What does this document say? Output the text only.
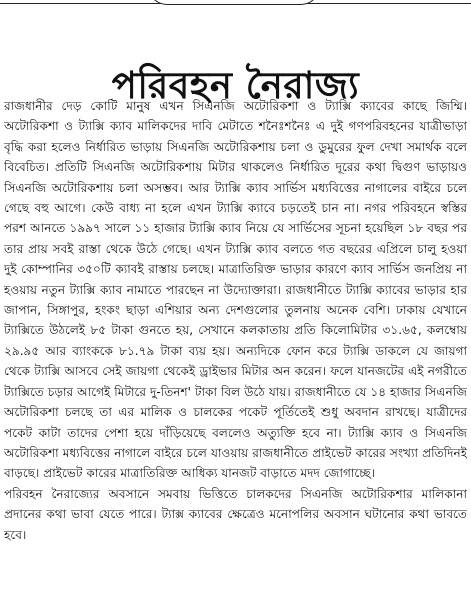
পরিবহন নৈরাজ্য

রাজধানীর দেড় কোটি মানুষ এখন সিএনজি অটোরিকশা ও ট্যাক্সি ক্যাবের কাছে জিম্মি। অটোরিকশা ও ট্যাক্সি ক্যাব মালিকদের দাবি মেটাতে শনৈঃশনৈঃ এ দুই গণপরিবহনের যাত্রীভাড়া বৃদ্ধি করা হলেও নির্ধারিত ভাড়ায় সিএনজি অটোরিকশায় চলা ও ডুমুরের ফুল দেখা সমার্থক বলে বিবেচিত। প্রতিটি সিএনজি অটোরিকশায় মিটার থাকলেও নির্ধারিত দূরের কথা দ্বিগুণ ভাড়ায়ও সিএনজি অটোরিকশায় চলা অসম্ভব। আর ট্যাক্সি ক্যাব সার্ভিস মধ্যবিত্তের নাগালের বাইরে চলে গেছে বহু আগে। কেউ বাধ্য না হলে এখন ট্যাক্সি ক্যাবে চড়তেই চান না। নগর পরিবহনে স্বস্তির পরশ আনতে ১৯৯৭ সালে ১১ হাজার ট্যাক্সি ক্যাব নিয়ে যে সার্ভিসের সূচনা হয়েছিল ১৮ বছর পর তার প্রায় সবই রাস্তা থেকে উঠে গেছে। এখন ট্যাক্সি ক্যাব বলতে গত বছরের এপ্রিলে চালু হওয়া দুই কোম্পানির ৩৫০টি ক্যাবই রাস্তায় চলছে। মাত্রাতিরিক্ত ভাড়ার কারণে ক্যাব সার্ভিস জনপ্রিয় না হওয়ায় নতুন ট্যাক্সি ক্যাব নামাতে পারছেন না উদ্যোক্তারা। রাজধানীতে ট্যাক্সি ক্যাবের ভাড়ার হার জাপান, সিঙ্গাপুর, হংকং ছাড়া এশিয়ার অন্য দেশগুলোর তুলনায় অনেক বেশি। ঢাকায় যেখানে ট্যাক্সিতে উঠলেই ৮৫ টাকা গুনতে হয়, সেখানে কলকাতায় প্রতি কিলোমিটার ৩১.৬৫, কলম্বোয় ২৯.৯৫ আর ব্যাংককে ৮১.৭৯ টাকা ব্যয় হয়। অন্যদিকে ফোন করে ট্যাক্সি ডাকলে যে জায়গা থেকে ট্যাক্সি আসবে সেই জায়গা থেকেই ড্রাইভার মিটার অন করেন। ফলে যানজটের এই নগরীতে ট্যাক্সিতে চড়ার আগেই মিটারে দু-তিনশ' টাকা বিল উঠে যায়। রাজধানীতে যে ১৪ হাজার সিএনজি অটোরিকশা চলছে তা এর মালিক ও চালকের পকেট পূর্তিতেই শুধু অবদান রাখছে। যাত্রীদের পকেট কাটা তাদের পেশা হয়ে দাঁড়িয়েছে বললেও অত্যুক্তি হবে না। ট্যাক্সি ক্যাব ও সিএনজি অটোরিকশা মধ্যবিত্তের নাগালে বাইরে চলে যাওয়ায় রাজধানীতে প্রাইভেট কারের সংখ্যা প্রতিদিনই বাড়ছে। প্রাইভেট কারের মাত্রাতিরিক্ত আধিক্য যানজট বাড়াতে মদদ জোগাচ্ছে।

পরিবহন নৈরাজ্যের অবসানে সমবায় ভিত্তিতে চালকদের সিএনজি অটোরিকশার মালিকানা প্রদানের কথা ভাবা যেতে পারে। ট্যাক্স ক্যাবের ক্ষেত্রেও মনোপলির অবসান ঘটানোর কথা ভাবতে হবে।
